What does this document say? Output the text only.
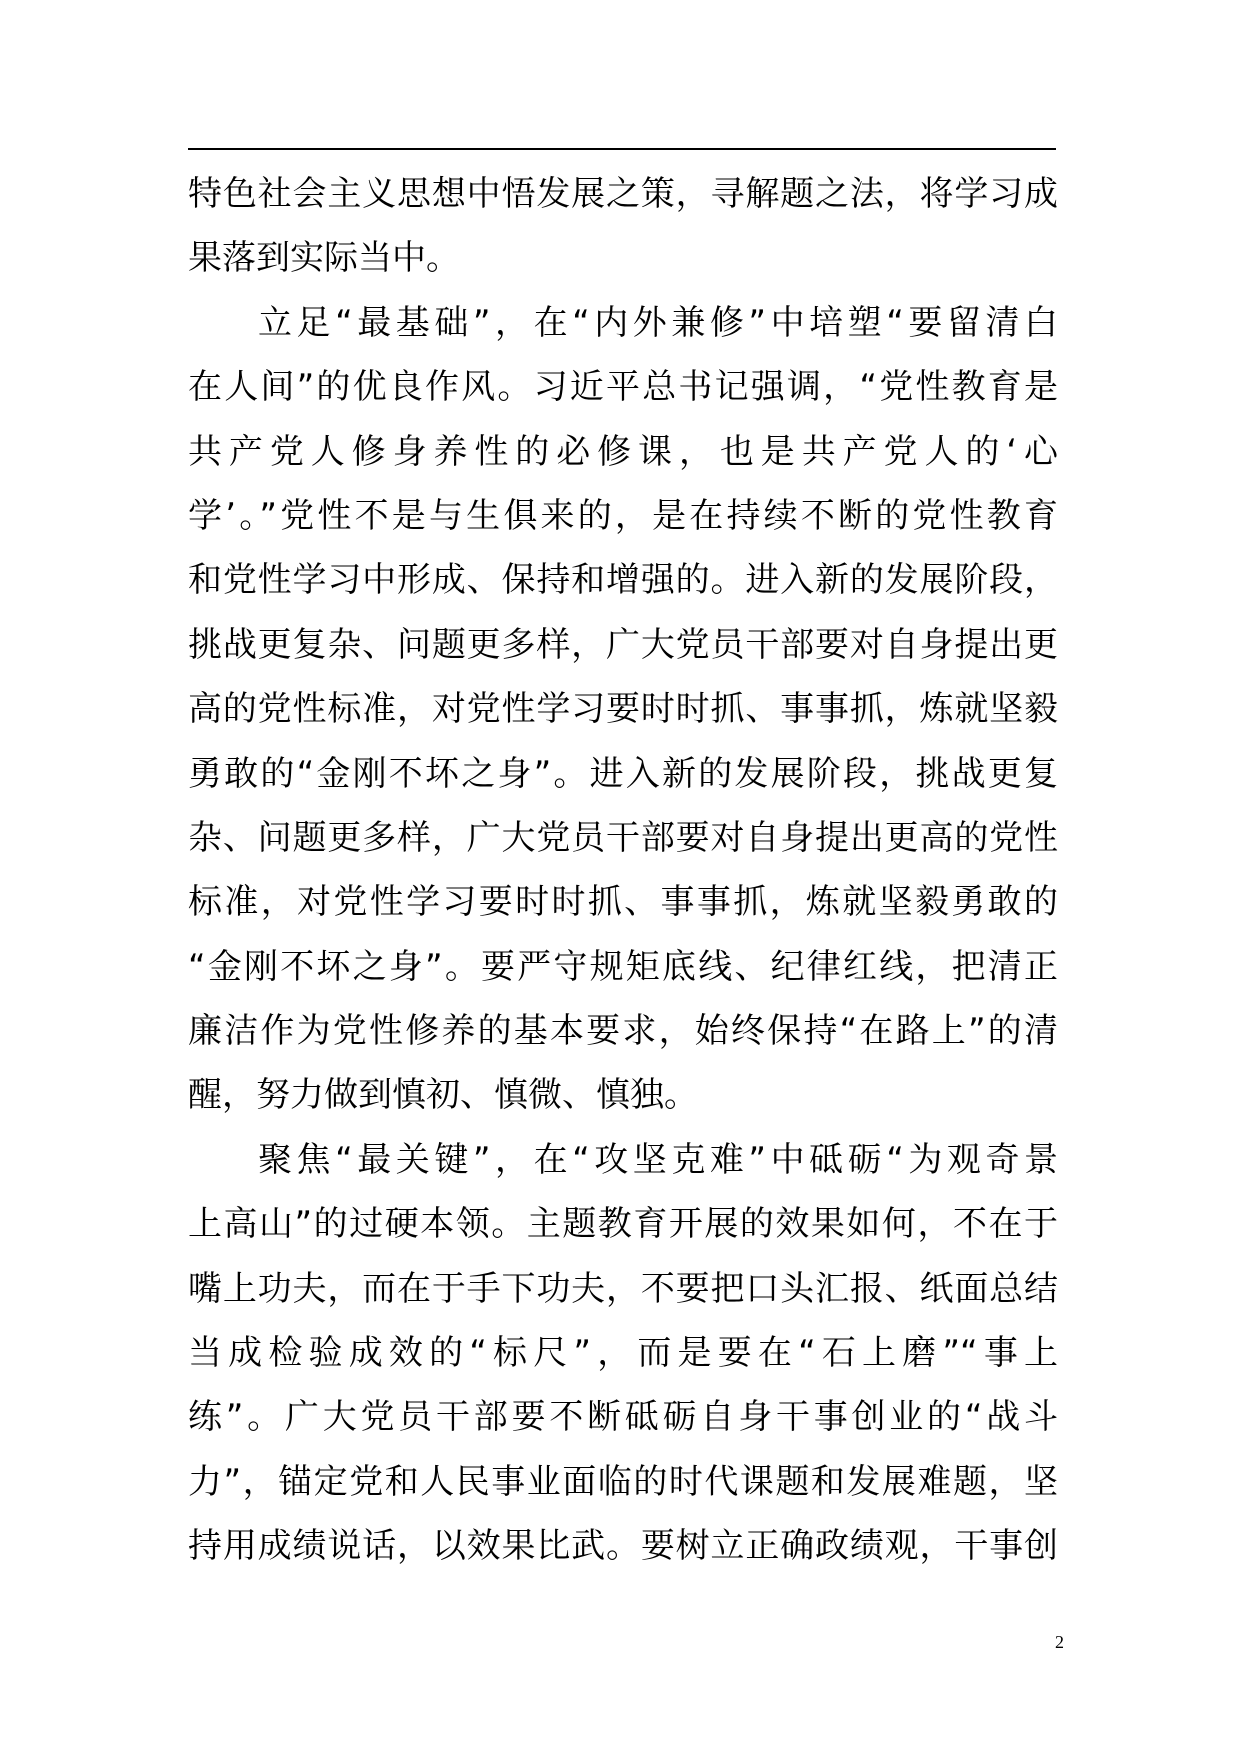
特色社会主义思想中悟发展之策，寻解题之法，将学习成
果落到实际当中。
立足“最基础”，在“内外兼修”中培塑“要留清白
在人间”的优良作风。习近平总书记强调，“党性教育是
共产党人修身养性的必修课，也是共产党人的‘心
学’。”党性不是与生俱来的，是在持续不断的党性教育
和党性学习中形成、保持和增强的。进入新的发展阶段，
挑战更复杂、问题更多样，广大党员干部要对自身提出更
高的党性标准，对党性学习要时时抓、事事抓，炼就坚毅
勇敢的“金刚不坏之身”。进入新的发展阶段，挑战更复
杂、问题更多样，广大党员干部要对自身提出更高的党性
标准，对党性学习要时时抓、事事抓，炼就坚毅勇敢的
“金刚不坏之身”。要严守规矩底线、纪律红线，把清正
廉洁作为党性修养的基本要求，始终保持“在路上”的清
醒，努力做到慎初、慎微、慎独。
聚焦“最关键”，在“攻坚克难”中砥砺“为观奇景
上高山”的过硬本领。主题教育开展的效果如何，不在于
嘴上功夫，而在于手下功夫，不要把口头汇报、纸面总结
当成检验成效的“标尺”，而是要在“石上磨”“事上
练”。广大党员干部要不断砥砺自身干事创业的“战斗
力”，锚定党和人民事业面临的时代课题和发展难题，坚
持用成绩说话，以效果比武。要树立正确政绩观，干事创
2
